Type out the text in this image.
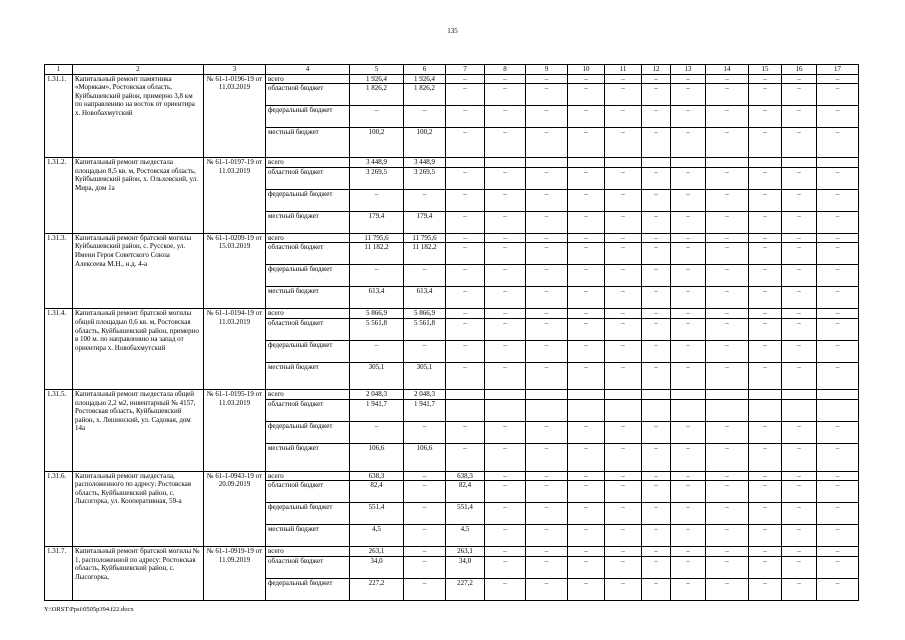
135
1	2	3	4	5	6	7	8	9	10	11	12	13	14	15	16	17
1.31.1.	Капитальный ремонт памятника «Морякам», Ростовская область, Куйбышевский район, примерно 3,8 км по направлению на восток от ориентира х. Новобахмутский	№ 61-1-0196-19 от 11.03.2019	всего	1 926,4	1 926,4	–	–	–	–	–	–	–	–	–	–	–
			областной бюджет	1 826,2	1 826,2	–	–	–	–	–	–	–	–	–	–	–
			федеральный бюджет	–	–	–	–	–	–	–	–	–	–	–	–	–
			местный бюджет	100,2	100,2	–	–	–	–	–	–	–	–	–	–	–
1.31.2.	Капитальный ремонт пьедестала площадью 8,5 кв. м, Ростовская область, Куйбышевский район, х. Ольховский, ул. Мира, дом 1а	№ 61-1-0197-19 от 11.03.2019	всего	3 448,9	3 448,9											
			областной бюджет	3 269,5	3 269,5	–	–	–	–	–	–	–	–	–	–	–
			федеральный бюджет	–	–	–	–	–	–	–	–	–	–	–	–	–
			местный бюджет	179,4	179,4	–	–	–	–	–	–	–	–	–	–	–
1.31.3.	Капитальный ремонт братской могилы Куйбышевский район, с. Русское, ул. Имени Героя Советского Союза Алексеева М.Н., н.д. 4-а	№ 61-1-0209-19 от 15.03.2019	всего	11 795,6	11 795,6	–	–	–	–	–	–	–	–	–	–	–
			областной бюджет	11 182,2	11 182,2	–	–	–	–	–	–	–	–	–	–	–
			федеральный бюджет	–	–	–	–	–	–	–	–	–	–	–	–	–
			местный бюджет	613,4	613,4	–	–	–	–	–	–	–	–	–	–	–
1.31.4.	Капитальный ремонт братской могилы общей площадью 0,6 кв. м, Ростовская область, Куйбышевский район, примерно в 100 м. по направлению на запад от ориентира х. Новобахмутский	№ 61-1-0194-19 от 11.03.2019	всего	5 866,9	5 866,9	–	–	–	–	–	–	–	–	–	–	–
			областной бюджет	5 561,8	5 561,8	–	–	–	–	–	–	–	–	–	–	–
			федеральный бюджет	–	–	–	–	–	–	–	–	–	–	–	–	–
			местный бюджет	305,1	305,1	–	–	–	–	–	–	–	–	–	–	–
1.31.5.	Капитальный ремонт пьедестала общей площадью 2,2 м2, инвентарный № 4157, Ростовская область, Куйбышевский район, х. Лешинский, ул. Садовая, дом 14а	№ 61-1-0195-19 от 11.03.2019	всего	2 048,3	2 048,3											
			областной бюджет	1 941,7	1 941,7											
			федеральный бюджет	–	–	–	–	–	–	–	–	–	–	–	–	–
			местный бюджет	106,6	106,6	–	–	–	–	–	–	–	–	–	–	–
1.31.6.	Капитальный ремонт пьедестала, расположенного по адресу: Ростовская область, Куйбышевский район, с. Лысогорка, ул. Кооперативная, 59-а	№ 61-1-0943-19 от 20.09.2019	всего	638,3	–	638,3	–	–	–	–	–	–	–	–	–	–
			областной бюджет	82,4	–	82,4	–	–	–	–	–	–	–	–	–	–
			федеральный бюджет	551,4	–	551,4	–	–	–	–	–	–	–	–	–	–
			местный бюджет	4,5	–	4,5	–	–	–	–	–	–	–	–	–	–
1.31.7.	Капитальный ремонт братской могилы № 1, расположенной по адресу: Ростовская область, Куйбышевский район, с. Лысогорка,	№ 61-1-0919-19 от 11.09.2019	всего	263,1	–	263,1	–	–	–	–	–	–	–	–	–	–
			областной бюджет	34,0	–	34,0	–	–	–	–	–	–	–	–	–	–
			федеральный бюджет	227,2	–	227,2	–	–	–	–	–	–	–	–	–	–
Y:\ORST\Ppsi\0505p394.f22.docx
